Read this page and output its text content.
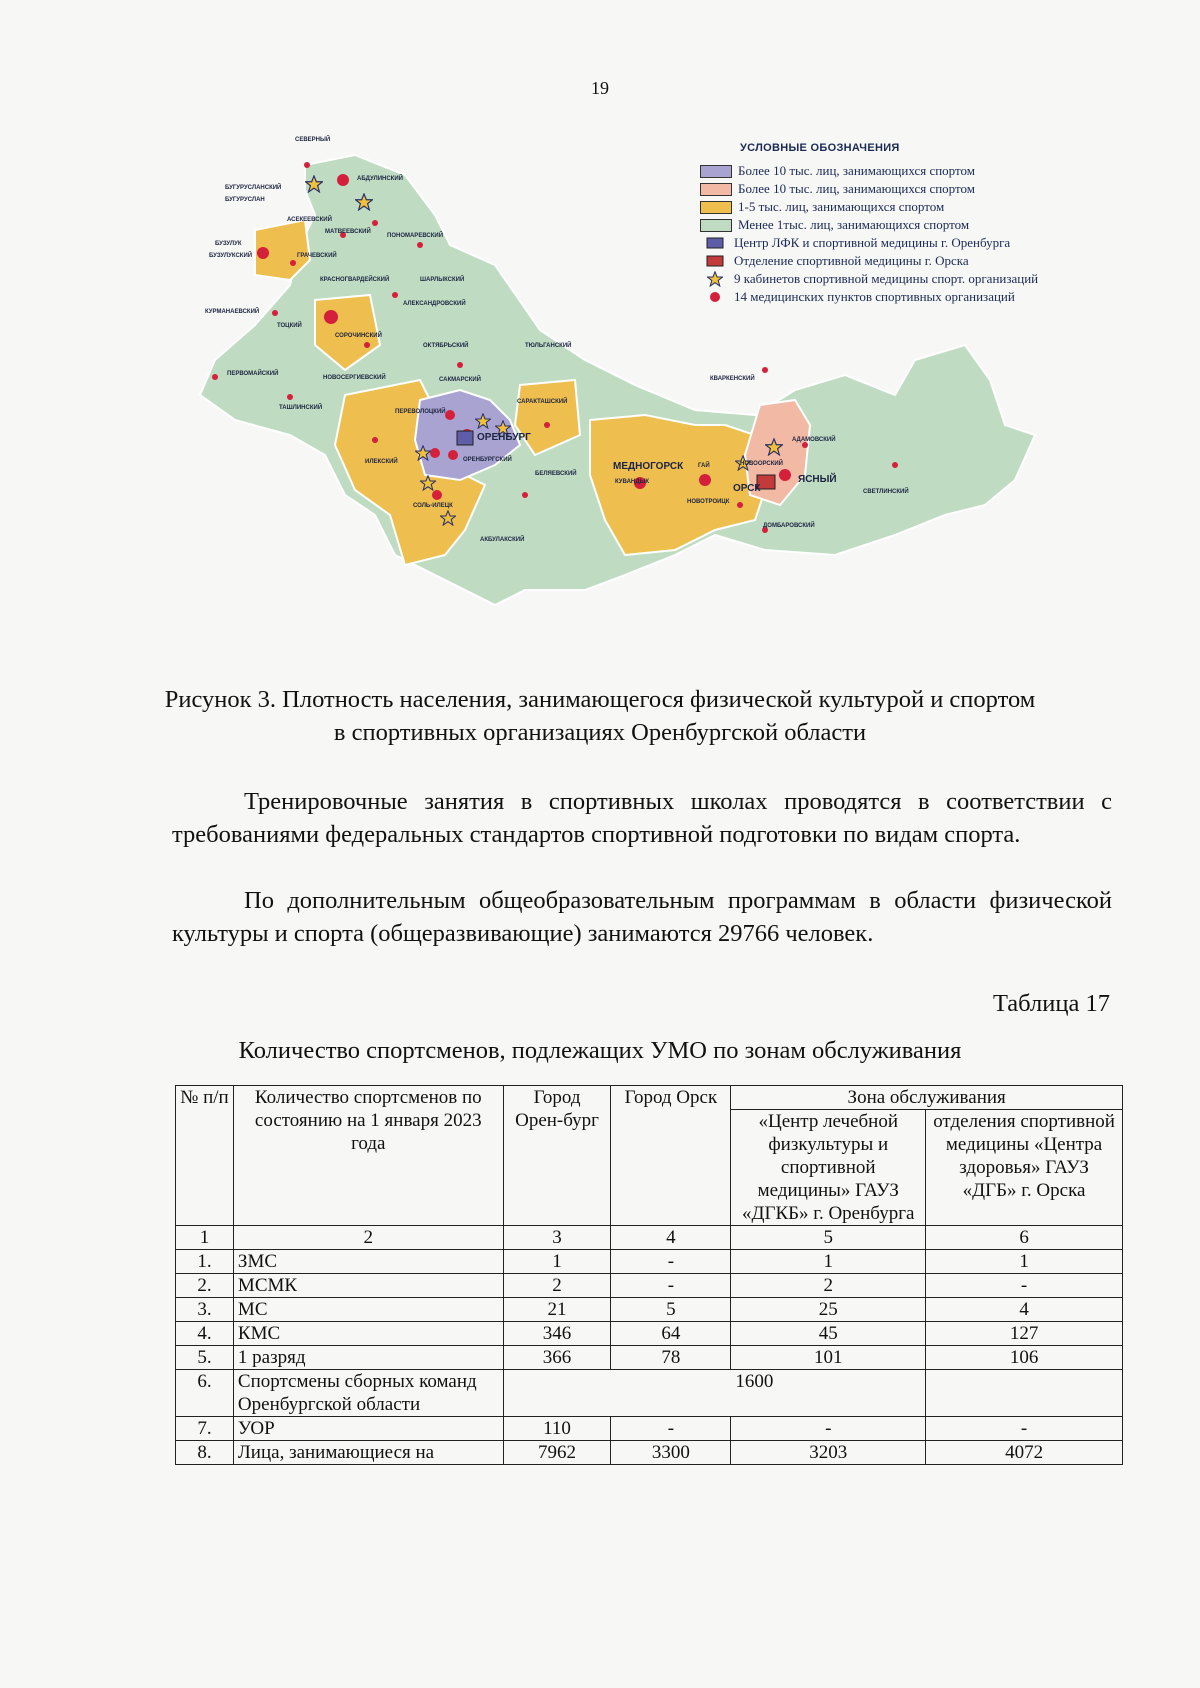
19
СЕВЕРНЫЙ
АБДУЛИНСКИЙ
БУГУРУСЛАНСКИЙ
БУГУРУСЛАН
АСЕКЕЕВСКИЙ
МАТВЕЕВСКИЙ
ПОНОМАРЕВСКИЙ
БУЗУЛУК
БУЗУЛУКСКИЙ	ГРАЧЕВСКИЙ
КРАСНОГВАРДЕЙСКИЙ	ШАРЛЫКСКИЙ
АЛЕКСАНДРОВСКИЙ
КУРМАНАЕВСКИЙ
ТОЦКИЙ
СОРОЧИНСКИЙ
ОКТЯБРЬСКИЙ	ТЮЛЬГАНСКИЙ
ПЕРВОМАЙСКИЙ
НОВОСЕРГИЕВСКИЙ	САКМАРСКИЙ
ТАШЛИНСКИЙ
ПЕРЕВОЛОЦКИЙ
САРАКТАШСКИЙ
ОРЕНБУРГ
ОРЕНБУРГСКИЙ
ИЛЕКСКИЙ
БЕЛЯЕВСКИЙ
МЕДНОГОРСК
КУВАНДЫК
ГАЙ
НОВОТРОИЦК
СОЛЬ-ИЛЕЦК
АКБУЛАКСКИЙ
КВАРКЕНСКИЙ
АДАМОВСКИЙ
НОВООРСКИЙ
ОРСК
ЯСНЫЙ
СВЕТЛИНСКИЙ
ДОМБАРОВСКИЙ
УСЛОВНЫЕ ОБОЗНАЧЕНИЯ
Более 10 тыс. лиц, занимающихся спортом
Более 10 тыс. лиц, занимающихся спортом
1-5 тыс. лиц, занимающихся спортом
Менее 1тыс. лиц, занимающихся спортом
Центр ЛФК и спортивной медицины г. Оренбурга
Отделение спортивной медицины г. Орска
9 кабинетов спортивной медицины спорт. организаций
14 медицинских пунктов спортивных организаций
Рисунок 3. Плотность населения, занимающегося физической культурой и спортом в спортивных организациях Оренбургской области
Тренировочные занятия в спортивных школах проводятся в соответствии с требованиями федеральных стандартов спортивной подготовки по видам спорта.
По дополнительным общеобразовательным программам в области физической культуры и спорта (общеразвивающие) занимаются 29766 человек.
Таблица 17
Количество спортсменов, подлежащих УМО по зонам обслуживания
№ п/п	Количество спортсменов по состоянию на 1 января 2023 года	Город Орен-бург	Город Орск	Зона обслуживания	
				«Центр лечебной физкультуры и спортивной медицины» ГАУЗ «ДГКБ» г. Оренбурга	отделения спортивной медицины «Центра здоровья» ГАУЗ «ДГБ» г. Орска
1	2	3	4	5	6
1.	ЗМС	1	-	1	1
2.	МСМК	2	-	2	-
3.	МС	21	5	25	4
4.	КМС	346	64	45	127
5.	1 разряд	366	78	101	106
6.	Спортсмены сборных команд Оренбургской области	1600			
7.	УОР	110	-	-	-
8.	Лица, занимающиеся на	7962	3300	3203	4072
